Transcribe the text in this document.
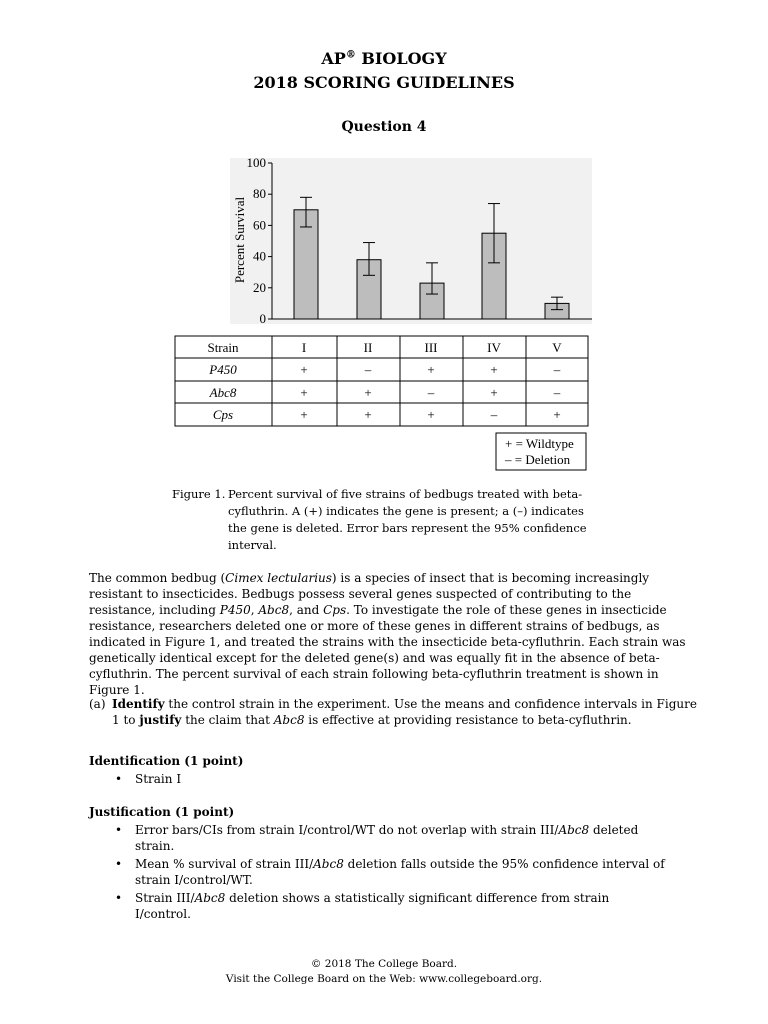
AP® BIOLOGY
2018 SCORING GUIDELINES
Question 4
100
80
60
40
20
0
Percent Survival
Strain	I	II	III	IV	V
P450	+	–	+	+	–
Abc8	+	+	–	+	–
Cps	+	+	+	–	+
+ = Wildtype
– = Deletion
Figure 1. Percent survival of five strains of bedbugs treated with beta-cyfluthrin. A (+) indicates the gene is present; a (–) indicates the gene is deleted. Error bars represent the 95% confidence interval.
The common bedbug (Cimex lectularius) is a species of insect that is becoming increasingly resistant to insecticides. Bedbugs possess several genes suspected of contributing to the resistance, including P450, Abc8, and Cps. To investigate the role of these genes in insecticide resistance, researchers deleted one or more of these genes in different strains of bedbugs, as indicated in Figure 1, and treated the strains with the insecticide beta-cyfluthrin. Each strain was genetically identical except for the deleted gene(s) and was equally fit in the absence of beta-cyfluthrin. The percent survival of each strain following beta-cyfluthrin treatment is shown in Figure 1.
(a) Identify the control strain in the experiment. Use the means and confidence intervals in Figure 1 to justify the claim that Abc8 is effective at providing resistance to beta-cyfluthrin.
Identification (1 point)
• Strain I
Justification (1 point)
• Error bars/CIs from strain I/control/WT do not overlap with strain III/Abc8 deleted strain.
• Mean % survival of strain III/Abc8 deletion falls outside the 95% confidence interval of strain I/control/WT.
• Strain III/Abc8 deletion shows a statistically significant difference from strain I/control.
© 2018 The College Board.
Visit the College Board on the Web: www.collegeboard.org.
